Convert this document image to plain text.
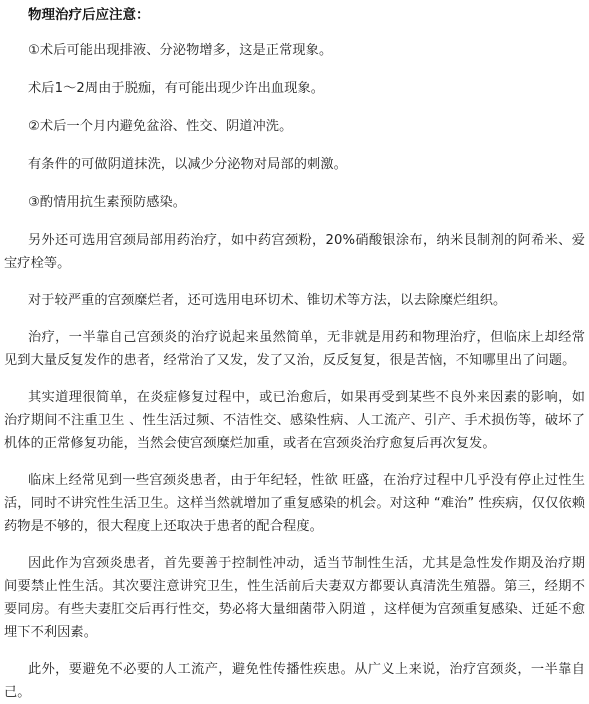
物理治疗后应注意：

①术后可能出现排液、分泌物增多，这是正常现象。

术后1～2周由于脱痂，有可能出现少许出血现象。

②术后一个月内避免盆浴、性交、阴道冲洗。

有条件的可做阴道抹洗，以减少分泌物对局部的刺激。

③酌情用抗生素预防感染。

另外还可选用宫颈局部用药治疗，如中药宫颈粉，20%硝酸银涂布，纳米艮制剂的阿希米、爱宝疗栓等。

对于较严重的宫颈糜烂者，还可选用电环切术、锥切术等方法，以去除糜烂组织。

治疗，一半靠自己宫颈炎的治疗说起来虽然简单，无非就是用药和物理治疗，但临床上却经常见到大量反复发作的患者，经常治了又发，发了又治，反反复复，很是苦恼，不知哪里出了问题。

其实道理很简单，在炎症修复过程中，或已治愈后，如果再受到某些不良外来因素的影响，如治疗期间不注重卫生 、性生活过频、不洁性交、感染性病、人工流产、引产、手术损伤等，破坏了机体的正常修复功能，当然会使宫颈糜烂加重，或者在宫颈炎治疗愈复后再次复发。

临床上经常见到一些宫颈炎患者，由于年纪轻，性欲 旺盛，在治疗过程中几乎没有停止过性生活，同时不讲究性生活卫生。这样当然就增加了重复感染的机会。对这种 “难治” 性疾病，仅仅依赖药物是不够的，很大程度上还取决于患者的配合程度。

因此作为宫颈炎患者，首先要善于控制性冲动，适当节制性生活，尤其是急性发作期及治疗期间要禁止性生活。其次要注意讲究卫生，性生活前后夫妻双方都要认真清洗生殖器。第三，经期不要同房。有些夫妻肛交后再行性交，势必将大量细菌带入阴道 ，这样便为宫颈重复感染、迁延不愈埋下不利因素。

此外，要避免不必要的人工流产，避免性传播性疾患。从广义上来说，治疗宫颈炎，一半靠自己。
